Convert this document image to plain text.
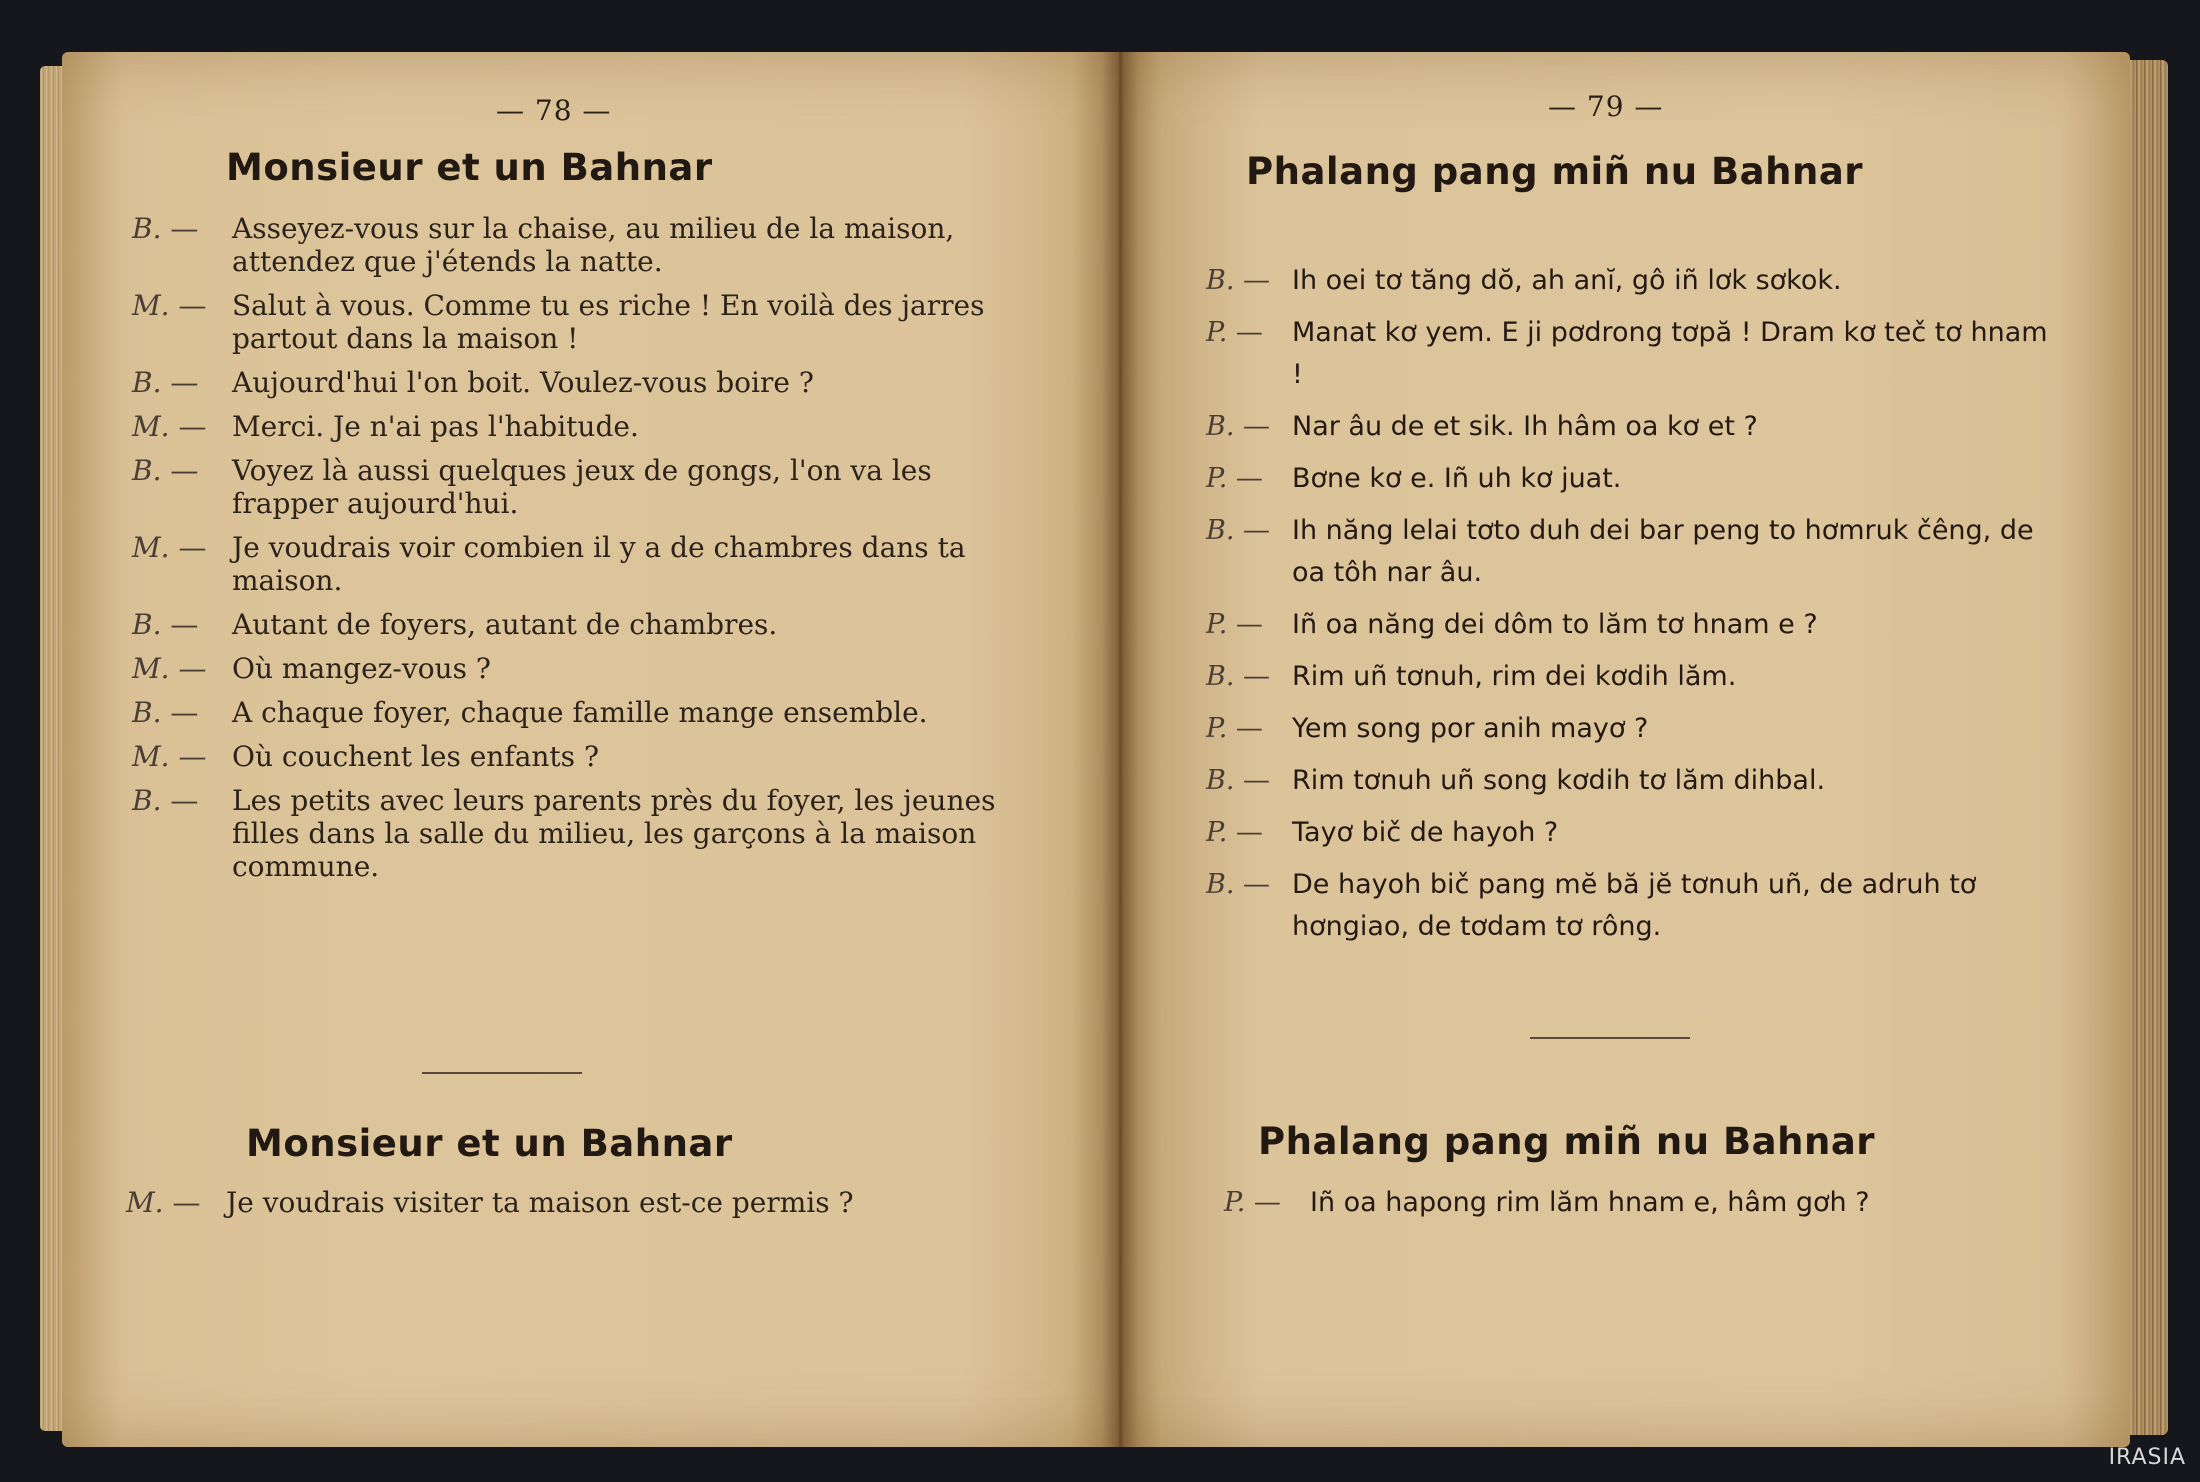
— 78 —
Monsieur et un Bahnar
B. —	Asseyez-vous sur la chaise, au milieu de la maison, attendez que j'étends la natte.
M. — Salut à vous. Comme tu es riche ! En voilà des jarres partout dans la maison !
B. —	Aujourd'hui l'on boit. Voulez-vous boire ?
M. — Merci. Je n'ai pas l'habitude.
B. —	Voyez là aussi quelques jeux de gongs, l'on va les frapper aujourd'hui.
M. — Je voudrais voir combien il y a de chambres dans ta maison.
B. —	Autant de foyers, autant de chambres.
M. — Où mangez-vous ?
B. —	A chaque foyer, chaque famille mange ensemble.
M. — Où couchent les enfants ?
B. —	Les petits avec leurs parents près du foyer, les jeunes filles dans la salle du milieu, les garçons à la maison commune.
Monsieur et un Bahnar
M. — Je voudrais visiter ta maison est-ce permis ?
— 79 —
Phalang pang miñ nu Bahnar
B. — Ih oei tơ tăng dŏ, ah anĭ, gô iñ lơk sơkok.
P. —	Manat kơ yem. E ji pơdrong tơpă ! Dram kơ teč tơ hnam !
B. — Nar âu de et sik. Ih hâm oa kơ et ?
P. —	Bơne kơ e. Iñ uh kơ juat.
B. — Ih năng lelai tơto duh dei bar peng to hơmruk čêng, de oa tôh nar âu.
P. —	Iñ oa năng dei dôm to lăm tơ hnam e ?
B. — Rim uñ tơnuh, rim dei kơdih lăm.
P. —	Yem song por anih mayơ ?
B. — Rim tơnuh uñ song kơdih tơ lăm dihbal.
P. —	Tayơ bič de hayoh ?
B. — De hayoh bič pang mĕ bă jĕ tơnuh uñ, de adruh tơ hơngiao, de tơdam tơ rông.
Phalang pang miñ nu Bahnar
P. —	Iñ oa hapong rim lăm hnam e, hâm gơh ?
IRASIA
